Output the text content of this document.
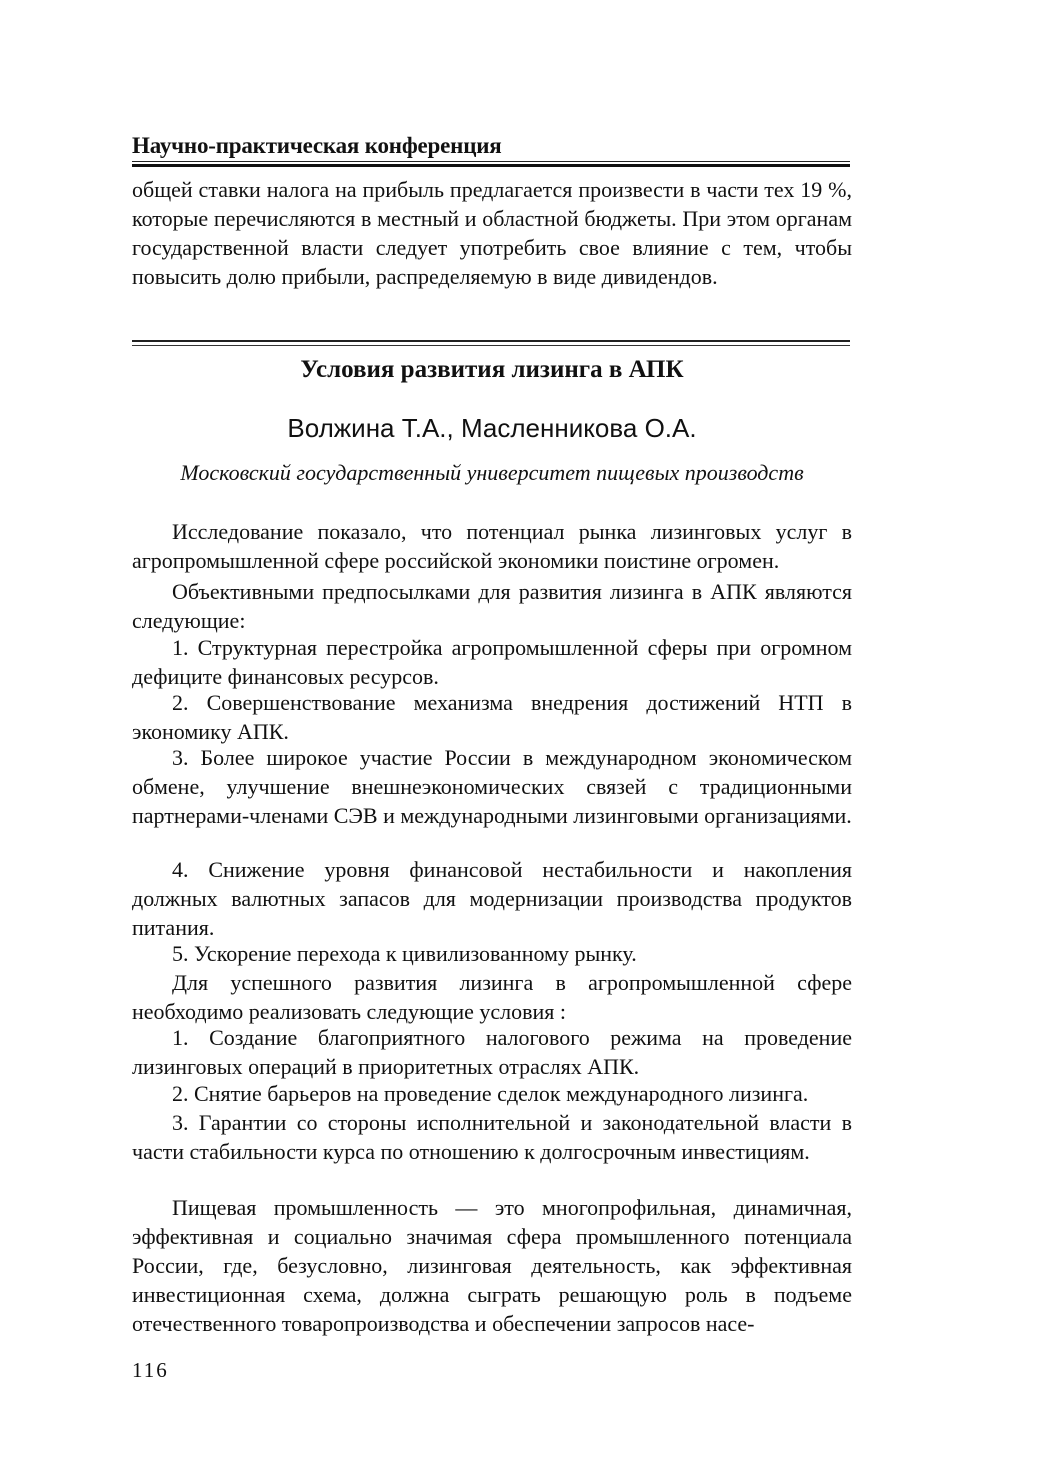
Научно-практическая конференция

общей ставки налога на прибыль предлагается произвести в части тех 19 %, которые перечисляются в местный и областной бюджеты. При этом органам государственной власти следует употребить свое влияние с тем, чтобы повысить долю прибыли, распределяемую в виде дивидендов.

Условия развития лизинга в АПК
Волжина Т.А., Масленникова О.А.
Московский государственный университет пищевых производств

Исследование показало, что потенциал рынка лизинговых услуг в агропромышленной сфере российской экономики поистине огромен.

Объективными предпосылками для развития лизинга в АПК являются следующие:

1. Структурная перестройка агропромышленной сферы при огромном дефиците финансовых ресурсов.

2. Совершенствование механизма внедрения достижений НТП в экономику АПК.

3. Более широкое участие России в международном экономическом обмене, улучшение внешнеэкономических связей с традиционными партнерами-членами СЭВ и международными лизинговыми организациями.

4. Снижение уровня финансовой нестабильности и накопления должных валютных запасов для модернизации производства продуктов питания.

5. Ускорение перехода к цивилизованному рынку.

Для успешного развития лизинга в агропромышленной сфере необходимо реализовать следующие условия :

1. Создание благоприятного налогового режима на проведение лизинговых операций в приоритетных отраслях АПК.

2. Снятие барьеров на проведение сделок международного лизинга.

3. Гарантии со стороны исполнительной и законодательной власти в части стабильности курса по отношению к долгосрочным инвестициям.

Пищевая промышленность — это многопрофильная, динамичная, эффективная и социально значимая сфера промышленного потенциала России, где, безусловно, лизинговая деятельность, как эффективная инвестиционная схема, должна сыграть решающую роль в подъеме отечественного товаропроизводства и обеспечении запросов насе-

116
